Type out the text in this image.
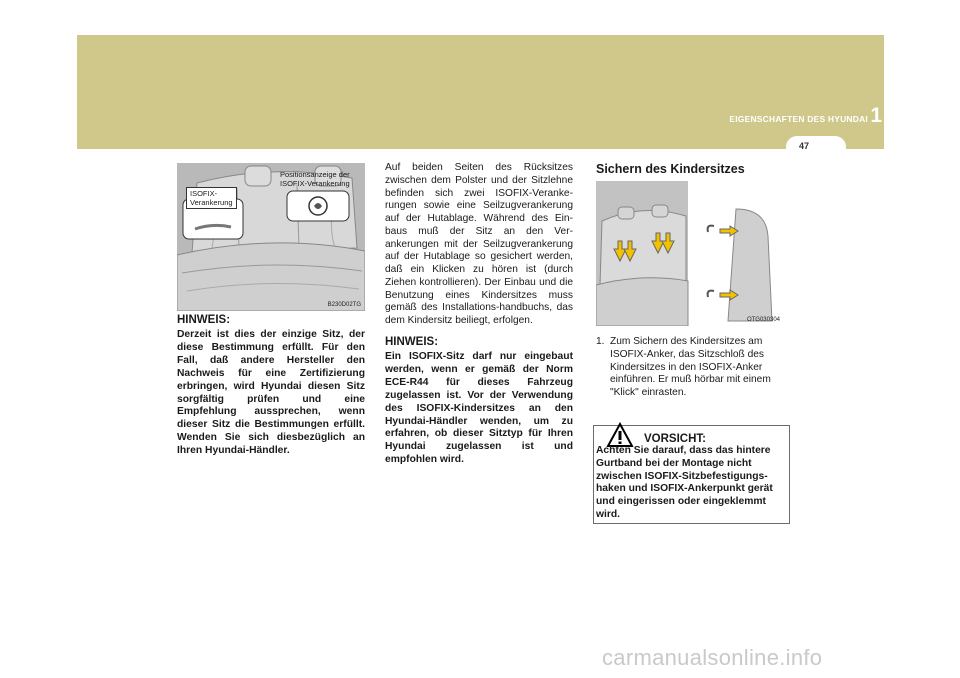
EIGENSCHAFTEN DES HYUNDAI 1
47
ISOFIX-
Verankerung
Positionsanzeige der
ISOFIX-Verankerung
B230D02TG
HINWEIS:

Derzeit ist dies der einzige Sitz, der diese Bestimmung erfüllt. Für den Fall, daß andere Hersteller den Nachweis für eine Zertifizierung erbringen, wird Hyundai diesen Sitz sorgfältig prüfen und eine Empfehlung aussprechen, wenn dieser Sitz die Bestimmungen erfüllt. Wenden Sie sich diesbezüglich an Ihren Hyundai-Händler.

Auf beiden Seiten des Rücksitzes zwischen dem Polster und der Sitzlehne befinden sich zwei ISOFIX-Veranke-rungen sowie eine Seilzugverankerung auf der Hutablage. Während des Ein-baus muß der Sitz an den Ver-ankerungen mit der Seilzugverankerung auf der Hutablage so gesichert werden, daß ein Klicken zu hören ist (durch Ziehen kontrollieren). Der Einbau und die Benutzung eines Kindersitzes muss gemäß des Installations-handbuchs, das dem Kindersitz beiliegt, erfolgen.

HINWEIS:

Ein ISOFIX-Sitz darf nur eingebaut werden, wenn er gemäß der Norm ECE-R44 für dieses Fahrzeug zugelassen ist. Vor der Verwendung des ISOFIX-Kindersitzes an den Hyundai-Händler wenden, um zu erfahren, ob dieser Sitztyp für Ihren Hyundai zugelassen ist und empfohlen wird.

Sichern des Kindersitzes
OTG030304
1. Zum Sichern des Kindersitzes am ISOFIX-Anker, das Sitzschloß des Kindersitzes in den ISOFIX-Anker einführen. Er muß hörbar mit einem "Klick" einrasten.
VORSICHT:

Achten Sie darauf, dass das hintere Gurtband bei der Montage nicht zwischen ISOFIX-Sitzbefestigungs-haken und ISOFIX-Ankerpunkt gerät und eingerissen oder eingeklemmt wird.

carmanualsonline.info
